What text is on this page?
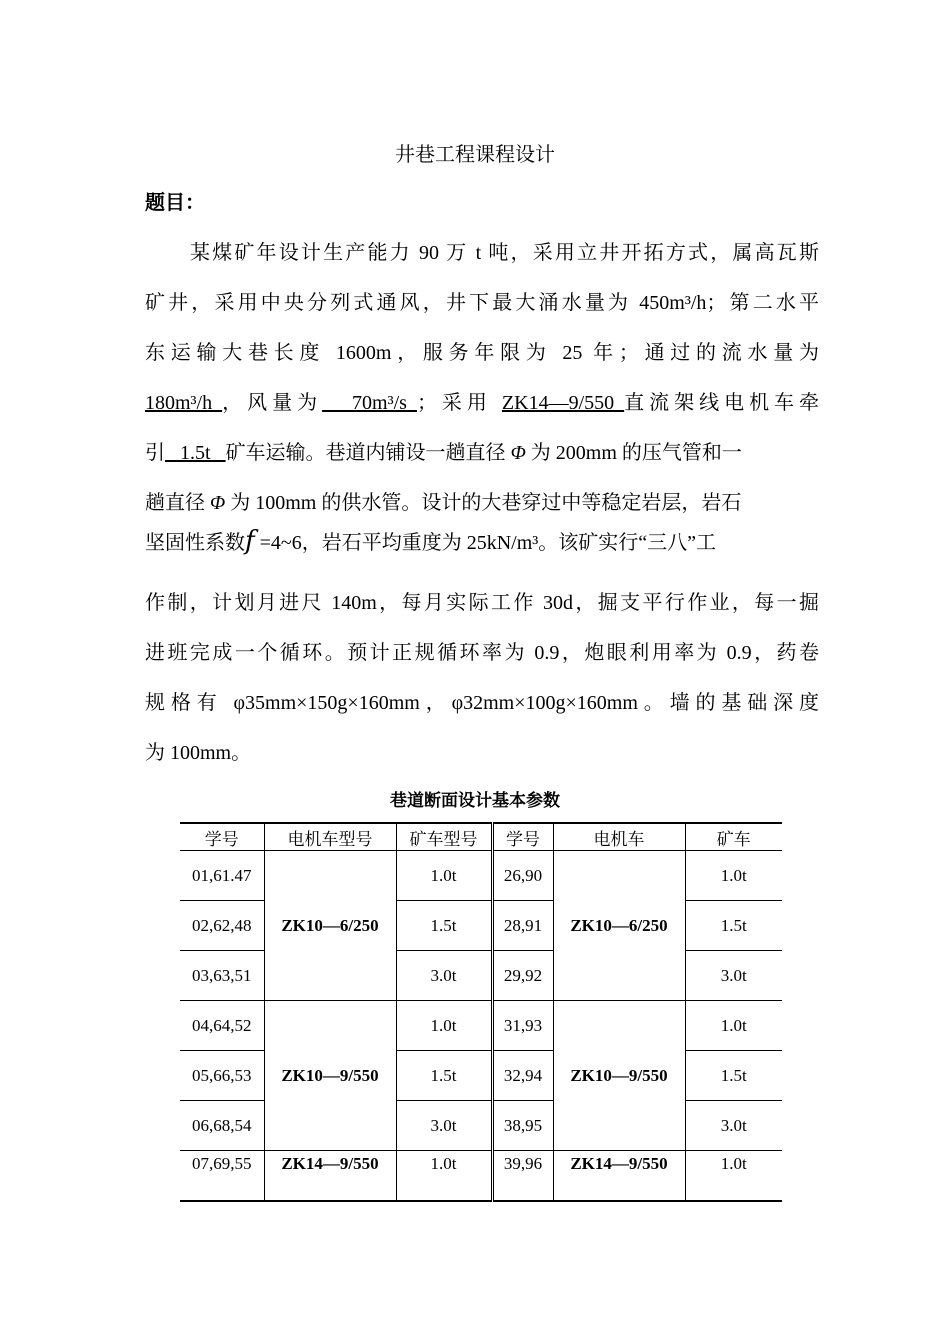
井巷工程课程设计
题目：
某煤矿年设计生产能力 90 万 t 吨，采用立井开拓方式，属高瓦斯
矿井，采用中央分列式通风，井下最大涌水量为 450m³/h；第二水平
东运输大巷长度 1600m，服务年限为 25 年；通过的流水量为
180m³/h ，风量为   70m³/s ；采用 ZK14—9/550 直流架线电机车牵
引   1.5t   矿车运输。巷道内铺设一趟直径 Φ 为 200mm 的压气管和一
趟直径 Φ 为 100mm 的供水管。设计的大巷穿过中等稳定岩层，岩石
坚固性系数f =4~6，岩石平均重度为 25kN/m³。该矿实行“三八”工
作制，计划月进尺 140m，每月实际工作 30d，掘支平行作业，每一掘
进班完成一个循环。预计正规循环率为 0.9，炮眼利用率为 0.9，药卷
规格有 φ35mm×150g×160mm，φ32mm×100g×160mm。墙的基础深度
为 100mm。
巷道断面设计基本参数
学号	电机车型号	矿车型号	学号	电机车	矿车
01,61.47	ZK10—6/250	1.0t	26,90	ZK10—6/250	1.0t
02,62,48		1.5t	28,91		1.5t
03,63,51		3.0t	29,92		3.0t
04,64,52	ZK10—9/550	1.0t	31,93	ZK10—9/550	1.0t
05,66,53		1.5t	32,94		1.5t
06,68,54		3.0t	38,95		3.0t
07,69,55	ZK14—9/550	1.0t	39,96	ZK14—9/550	1.0t
